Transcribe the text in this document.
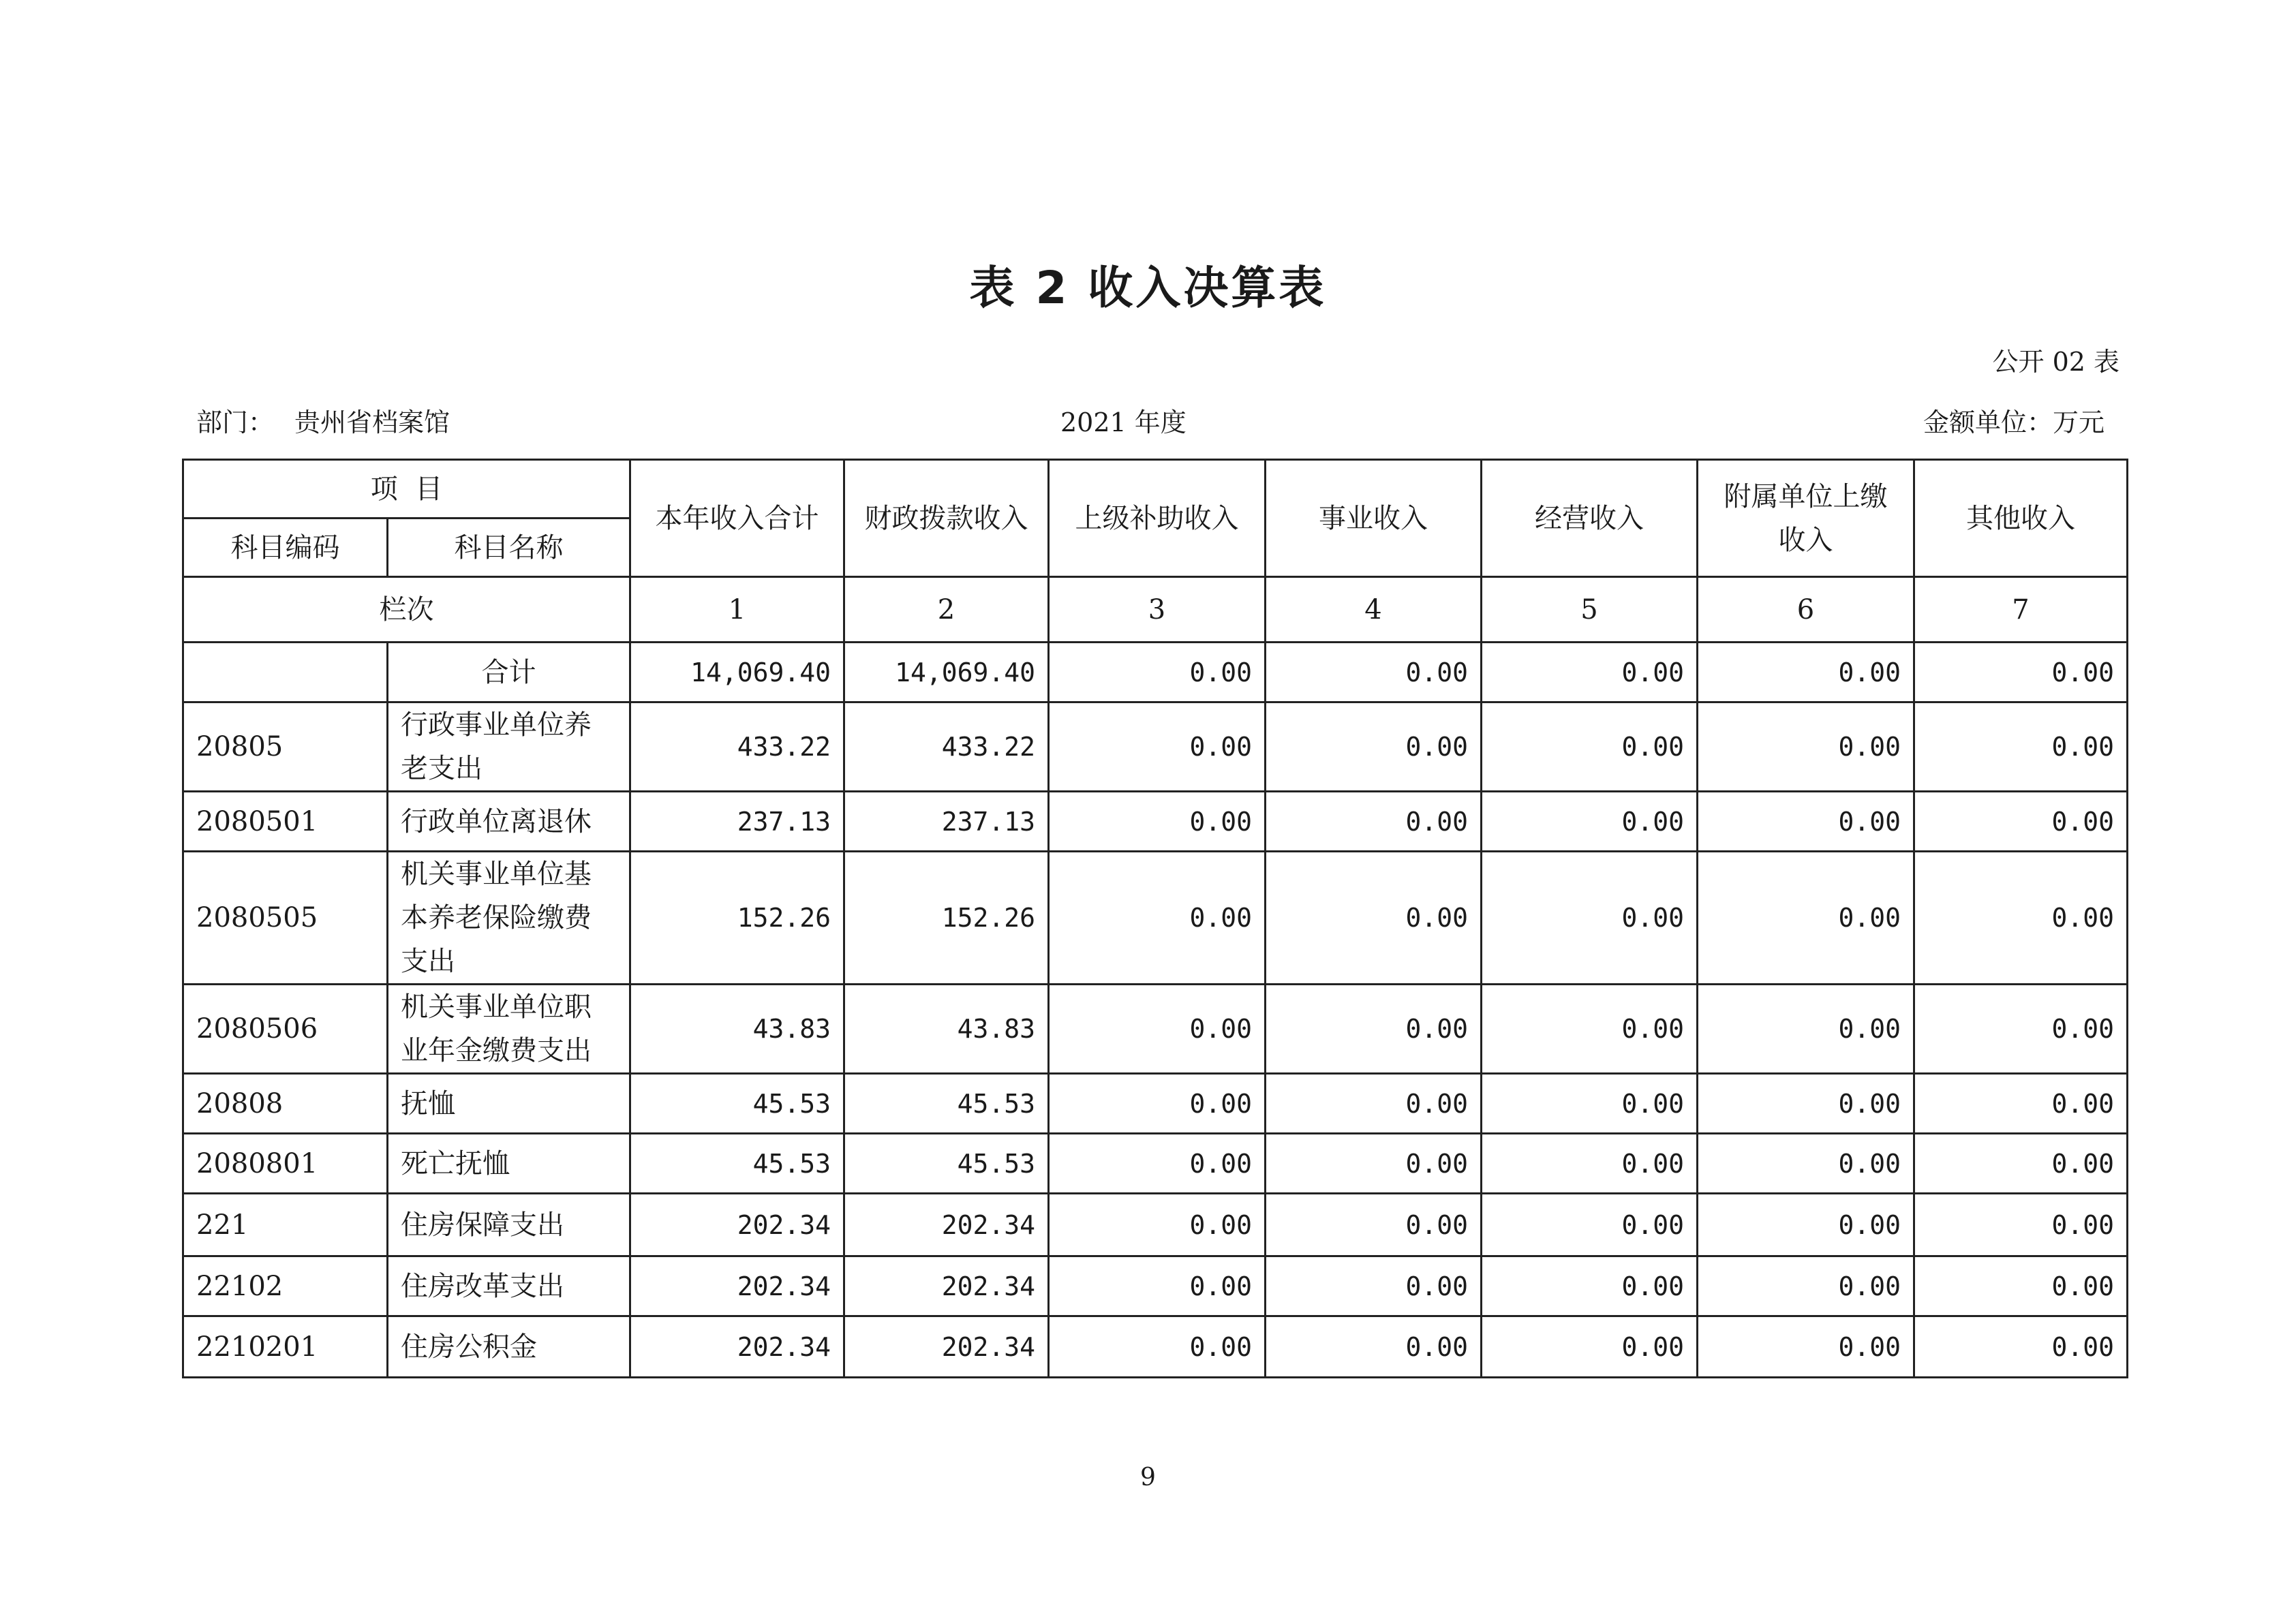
表 2 收入决算表
公开 02 表
部门： 贵州省档案馆	2021 年度	金额单位：万元
项  目		本年收入合计	财政拨款收入	上级补助收入	事业收入	经营收入	附属单位上缴收入	其他收入
科目编码	科目名称							
栏次		1	2	3	4	5	6	7
	合计	14,069.40	14,069.40	0.00	0.00	0.00	0.00	0.00
20805	行政事业单位养老支出	433.22	433.22	0.00	0.00	0.00	0.00	0.00
2080501	行政单位离退休	237.13	237.13	0.00	0.00	0.00	0.00	0.00
2080505	机关事业单位基本养老保险缴费支出	152.26	152.26	0.00	0.00	0.00	0.00	0.00
2080506	机关事业单位职业年金缴费支出	43.83	43.83	0.00	0.00	0.00	0.00	0.00
20808	抚恤	45.53	45.53	0.00	0.00	0.00	0.00	0.00
2080801	死亡抚恤	45.53	45.53	0.00	0.00	0.00	0.00	0.00
221	住房保障支出	202.34	202.34	0.00	0.00	0.00	0.00	0.00
22102	住房改革支出	202.34	202.34	0.00	0.00	0.00	0.00	0.00
2210201	住房公积金	202.34	202.34	0.00	0.00	0.00	0.00	0.00
9
